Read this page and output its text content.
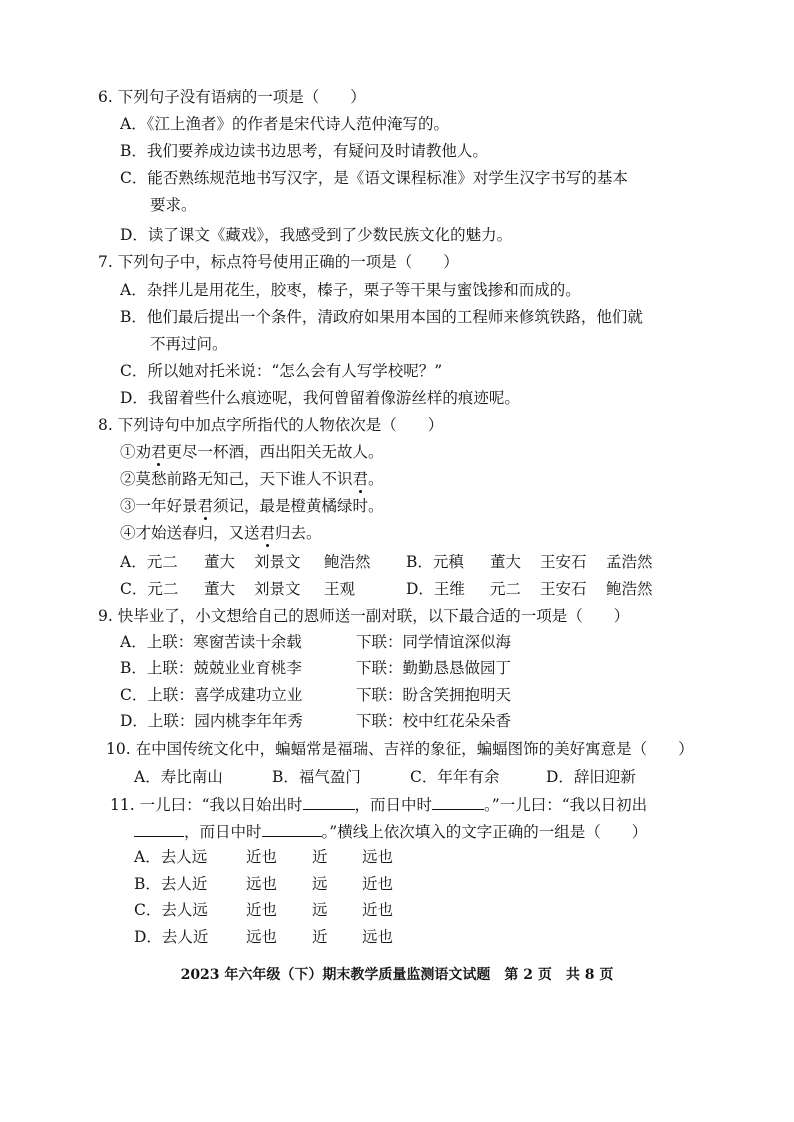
6. 下列句子没有语病的一项是（　　）
A．《江上渔者》的作者是宋代诗人范仲淹写的。
B．我们要养成边读书边思考，有疑问及时请教他人。
C．能否熟练规范地书写汉字，是《语文课程标准》对学生汉字书写的基本
要求。
D．读了课文《藏戏》，我感受到了少数民族文化的魅力。
7. 下列句子中，标点符号使用正确的一项是（　　）
A．杂拌儿是用花生，胶枣，榛子，栗子等干果与蜜饯掺和而成的。
B．他们最后提出一个条件，清政府如果用本国的工程师来修筑铁路，他们就
不再过问。
C．所以她对托米说：“怎么会有人写学校呢？”
D．我留着些什么痕迹呢，我何曾留着像游丝样的痕迹呢。
8. 下列诗句中加点字所指代的人物依次是（　　）
①劝君更尽一杯酒，西出阳关无故人。
②莫愁前路无知己，天下谁人不识君。
③一年好景君须记，最是橙黄橘绿时。
④才始送春归，又送君归去。
A．元二	董大	刘景文	鲍浩然	B．元稹	董大	王安石	孟浩然
C．元二	董大	刘景文	王观	D．王维	元二	王安石	鲍浩然
9. 快毕业了，小文想给自己的恩师送一副对联，以下最合适的一项是（　　）
A．上联：寒窗苦读十余载	下联：同学情谊深似海
B．上联：兢兢业业育桃李	下联：勤勤恳恳做园丁
C．上联：喜学成建功立业	下联：盼含笑拥抱明天
D．上联：园内桃李年年秀	下联：校中红花朵朵香
10. 在中国传统文化中，蝙蝠常是福瑞、吉祥的象征，蝙蝠图饰的美好寓意是（　　）
A．寿比南山	B．福气盈门	C．年年有余	D．辞旧迎新
11. 一儿曰：“我以日始出时	，而日中时	。”一儿曰：“我以日初出
，而日中时	。”横线上依次填入的文字正确的一组是（　　）
A．去人远	近也	近	远也
B．去人近	远也	远	近也
C．去人远	近也	远	近也
D．去人近	远也	近	远也
2023 年六年级（下）期末教学质量监测语文试题　第 2 页　共 8 页
